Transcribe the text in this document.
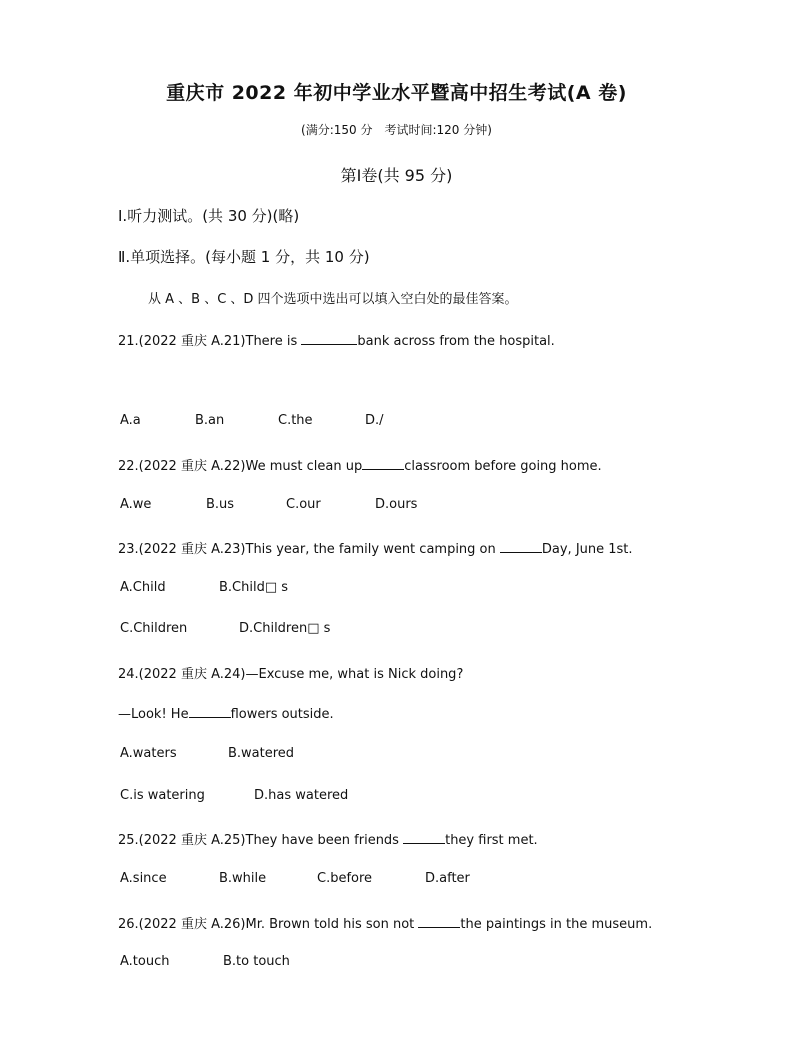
重庆市 2022 年初中学业水平暨高中招生考试(A 卷)
(满分:150 分　考试时间:120 分钟)
第Ⅰ卷(共 95 分)
Ⅰ.听力测试。(共 30 分)(略)
Ⅱ.单项选择。(每小题 1 分，共 10 分)
从 A 、B 、C 、D 四个选项中选出可以填入空白处的最佳答案。
21.(2022 重庆 A.21)There is	bank across from the hospital.
A.a	B.an	C.the	D./
22.(2022 重庆 A.22)We must clean up	classroom before going home.
A.we	B.us	C.our	D.ours
23.(2022 重庆 A.23)This year, the family went camping on	Day, June 1st.
A.Child	B.Child□ s
C.Children	D.Children□ s
24.(2022 重庆 A.24)—Excuse me, what is Nick doing?
—Look! He	flowers outside.
A.waters	B.watered
C.is watering	D.has watered
25.(2022 重庆 A.25)They have been friends	they first met.
A.since	B.while	C.before	D.after
26.(2022 重庆 A.26)Mr. Brown told his son not	the paintings in the museum.
A.touch	B.to touch
